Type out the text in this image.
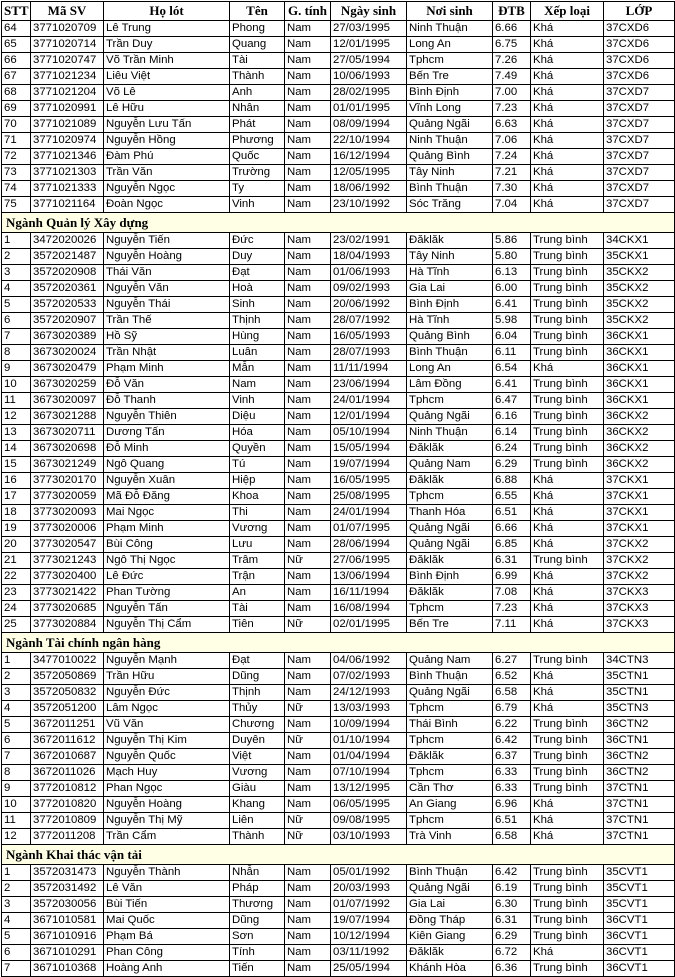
STT	Mã SV	Họ lót	Tên	G. tính	Ngày sinh	Nơi sinh	ĐTB	Xếp loại	LỚP
64	3771020709	Lê Trung	Phong	Nam	27/03/1995	Ninh Thuận	6.66	Khá	37CXD6
65	3771020714	Trần Duy	Quang	Nam	12/01/1995	Long An	6.75	Khá	37CXD6
66	3771020747	Võ Trần Minh	Tài	Nam	27/05/1994	Tphcm	7.26	Khá	37CXD6
67	3771021234	Liêu Việt	Thành	Nam	10/06/1993	Bến Tre	7.49	Khá	37CXD6
68	3771021204	Võ Lê	Anh	Nam	28/02/1995	Bình Định	7.00	Khá	37CXD7
69	3771020991	Lê Hữu	Nhân	Nam	01/01/1995	Vĩnh Long	7.23	Khá	37CXD7
70	3771021089	Nguyễn Lưu Tấn	Phát	Nam	08/09/1994	Quảng Ngãi	6.63	Khá	37CXD7
71	3771020974	Nguyễn Hồng	Phương	Nam	22/10/1994	Ninh Thuận	7.06	Khá	37CXD7
72	3771021346	Đàm Phú	Quốc	Nam	16/12/1994	Quảng Bình	7.24	Khá	37CXD7
73	3771021303	Trần Văn	Trường	Nam	12/05/1995	Tây Ninh	7.21	Khá	37CXD7
74	3771021333	Nguyễn Ngọc	Ty	Nam	18/06/1992	Bình Thuận	7.30	Khá	37CXD7
75	3771021164	Đoàn Ngọc	Vinh	Nam	23/10/1992	Sóc Trăng	7.04	Khá	37CXD7
Ngành Quản lý Xây dựng									
1	3472020026	Nguyễn Tiến	Đức	Nam	23/02/1991	Đăklăk	5.86	Trung bình	34CKX1
2	3572021487	Nguyễn Hoàng	Duy	Nam	18/04/1993	Tây Ninh	5.80	Trung bình	35CKX1
3	3572020908	Thái Văn	Đạt	Nam	01/06/1993	Hà Tĩnh	6.13	Trung bình	35CKX2
4	3572020361	Nguyễn Văn	Hoà	Nam	09/02/1993	Gia Lai	6.00	Trung bình	35CKX2
5	3572020533	Nguyễn Thái	Sinh	Nam	20/06/1992	Bình Định	6.41	Trung bình	35CKX2
6	3572020907	Trần Thế	Thịnh	Nam	28/07/1992	Hà Tĩnh	5.98	Trung bình	35CKX2
7	3673020389	Hồ Sỹ	Hùng	Nam	16/05/1993	Quảng Bình	6.04	Trung bình	36CKX1
8	3673020024	Trần Nhật	Luân	Nam	28/07/1993	Bình Thuận	6.11	Trung bình	36CKX1
9	3673020479	Phạm Minh	Mẫn	Nam	11/11/1994	Long An	6.54	Khá	36CKX1
10	3673020259	Đỗ Văn	Nam	Nam	23/06/1994	Lâm Đồng	6.41	Trung bình	36CKX1
11	3673020097	Đỗ Thanh	Vinh	Nam	24/01/1994	Tphcm	6.47	Trung bình	36CKX1
12	3673021288	Nguyễn Thiên	Diệu	Nam	12/01/1994	Quảng Ngãi	6.16	Trung bình	36CKX2
13	3673020711	Dương Tấn	Hóa	Nam	05/10/1994	Ninh Thuận	6.14	Trung bình	36CKX2
14	3673020698	Đỗ Minh	Quyền	Nam	15/05/1994	Đăklăk	6.24	Trung bình	36CKX2
15	3673021249	Ngô Quang	Tú	Nam	19/07/1994	Quảng Nam	6.29	Trung bình	36CKX2
16	3773020170	Nguyễn Xuân	Hiệp	Nam	16/05/1995	Đăklăk	6.88	Khá	37CKX1
17	3773020059	Mã Đỗ Đăng	Khoa	Nam	25/08/1995	Tphcm	6.55	Khá	37CKX1
18	3773020093	Mai Ngọc	Thi	Nam	24/01/1994	Thanh Hóa	6.51	Khá	37CKX1
19	3773020006	Phạm Minh	Vương	Nam	01/07/1995	Quảng Ngãi	6.66	Khá	37CKX1
20	3773020547	Bùi Công	Lưu	Nam	28/06/1994	Quảng Ngãi	6.85	Khá	37CKX2
21	3773021243	Ngô Thị Ngọc	Trâm	Nữ	27/06/1995	Đăklăk	6.31	Trung bình	37CKX2
22	3773020400	Lê Đức	Trận	Nam	13/06/1994	Bình Định	6.99	Khá	37CKX2
23	3773021422	Phan Tường	An	Nam	16/11/1994	Đăklăk	7.08	Khá	37CKX3
24	3773020685	Nguyễn Tấn	Tài	Nam	16/08/1994	Tphcm	7.23	Khá	37CKX3
25	3773020884	Nguyễn Thị Cẩm	Tiên	Nữ	02/01/1995	Bến Tre	7.11	Khá	37CKX3
Ngành Tài chính ngân hàng									
1	3477010022	Nguyễn Mạnh	Đạt	Nam	04/06/1992	Quảng Nam	6.27	Trung bình	34CTN3
2	3572050869	Trần Hữu	Dũng	Nam	07/02/1993	Bình Thuận	6.52	Khá	35CTN1
3	3572050832	Nguyễn Đức	Thịnh	Nam	24/12/1993	Quảng Ngãi	6.58	Khá	35CTN1
4	3572051200	Lâm Ngọc	Thủy	Nữ	13/03/1993	Tphcm	6.79	Khá	35CTN3
5	3672011251	Vũ Văn	Chương	Nam	10/09/1994	Thái Bình	6.22	Trung bình	36CTN2
6	3672011612	Nguyễn Thị Kim	Duyên	Nữ	01/10/1994	Tphcm	6.42	Trung bình	36CTN1
7	3672010687	Nguyễn Quốc	Việt	Nam	01/04/1994	Đăklăk	6.37	Trung bình	36CTN2
8	3672011026	Mạch Huy	Vương	Nam	07/10/1994	Tphcm	6.33	Trung bình	36CTN2
9	3772010812	Phan Ngọc	Giàu	Nam	13/12/1995	Cần Thơ	6.33	Trung bình	37CTN1
10	3772010820	Nguyễn Hoàng	Khang	Nam	06/05/1995	An Giang	6.96	Khá	37CTN1
11	3772010809	Nguyễn Thị Mỹ	Liên	Nữ	09/08/1995	Tphcm	6.51	Khá	37CTN1
12	3772011208	Trần Cẩm	Thành	Nữ	03/10/1993	Trà Vinh	6.58	Khá	37CTN1
Ngành Khai thác vận tải									
1	3572031473	Nguyễn Thành	Nhẫn	Nam	05/01/1992	Bình Thuận	6.42	Trung bình	35CVT1
2	3572031492	Lê Văn	Pháp	Nam	20/03/1993	Quảng Ngãi	6.19	Trung bình	35CVT1
3	3572030056	Bùi Tiến	Thương	Nam	01/07/1992	Gia Lai	6.30	Trung bình	35CVT1
4	3671010581	Mai Quốc	Dũng	Nam	19/07/1994	Đồng Tháp	6.31	Trung bình	36CVT1
5	3671010916	Phạm Bá	Sơn	Nam	10/12/1994	Kiên Giang	6.29	Trung bình	36CVT1
6	3671010291	Phan Công	Tính	Nam	03/11/1992	Đăklăk	6.72	Khá	36CVT1
7	3671010368	Hoàng Anh	Tiến	Nam	25/05/1994	Khánh Hòa	6.36	Trung bình	36CVT1
